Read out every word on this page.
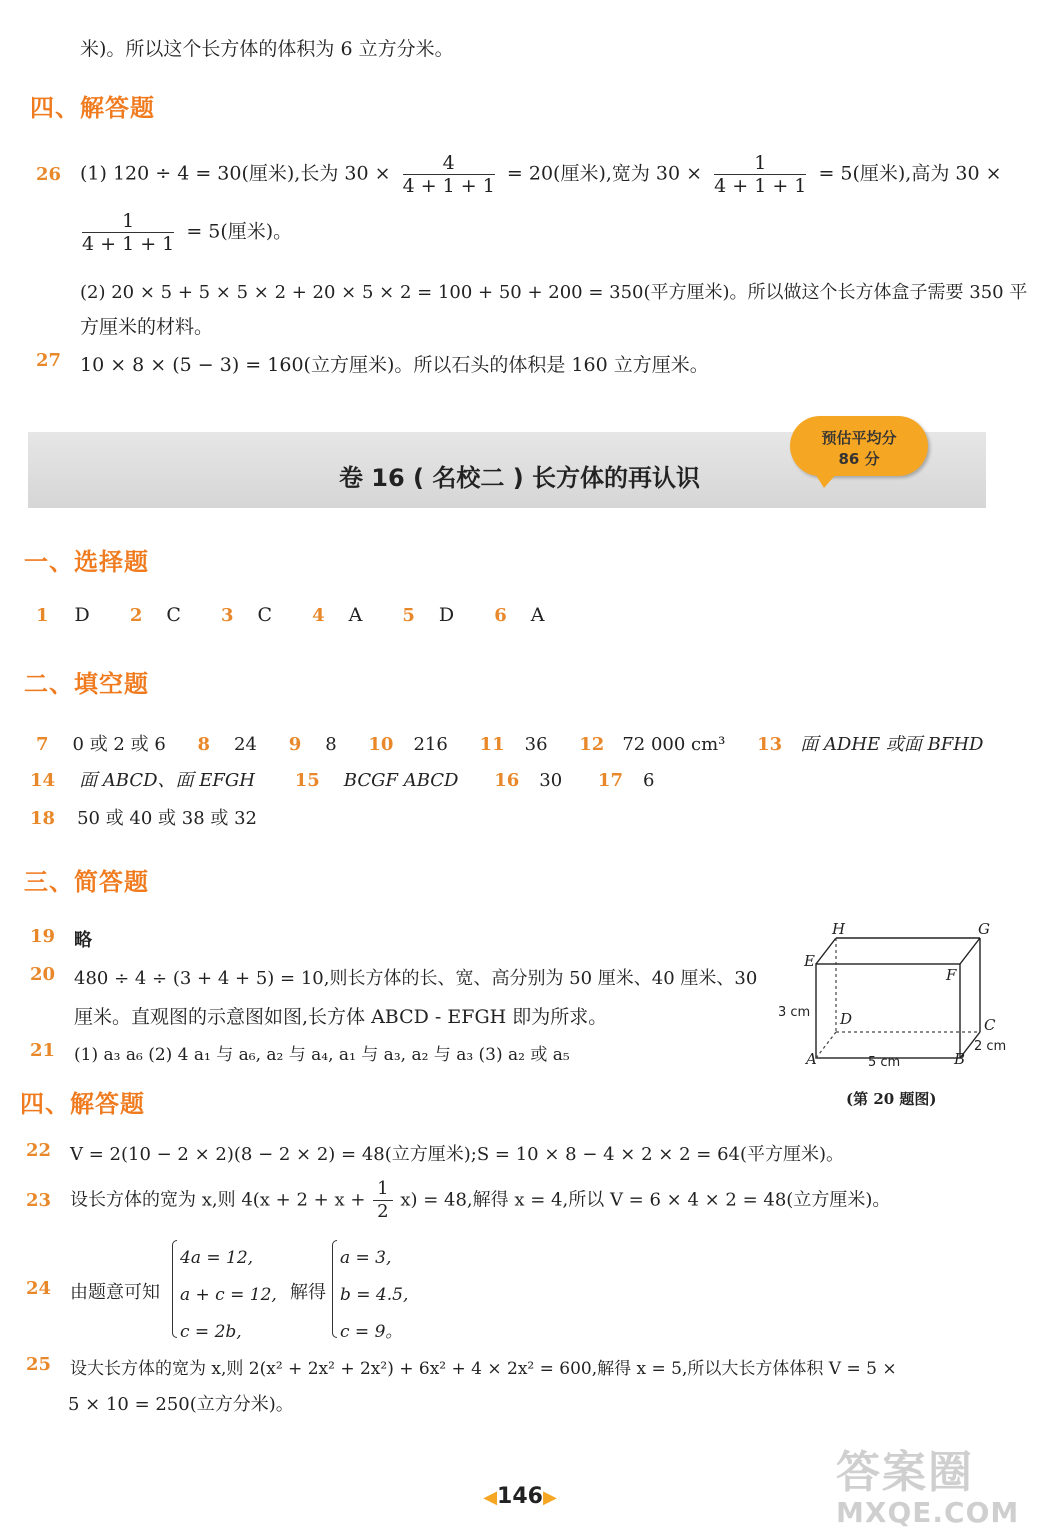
米)。所以这个长方体的体积为 6 立方分米。
四、解答题
26 (1) 120 ÷ 4 = 30(厘米),长为 $30 \times \frac{4}{4 + 1 + 1} = 20$(厘米),宽为 $30 \times \frac{1}{4 + 1 + 1} = 5$(厘米),高为 30 ×
$\frac{1}{4 + 1 + 1} = 5$(厘米)。
(2) 20 × 5 + 5 × 5 × 2 + 20 × 5 × 2 = 100 + 50 + 200 = 350(平方厘米)。所以做这个长方体盒子需要 350 平
方厘米的材料。
27 10 × 8 × (5 − 3) = 160(立方厘米)。所以石头的体积是 160 立方厘米。
卷 16 ( 名校二 ) 长方体的再认识
预估平均分
86 分
一、选择题
1 D 2 C 3 C 4 A 5 D 6 A
二、填空题
7 0 或 2 或 6 8 24 9 8 10 216 11 36 12 72 000 cm³ 13 面 ADHE 或面 BFHD
14 面 ABCD、面 EFGH 15 BCGF ABCD 16 30 17 6
18 50 或 40 或 38 或 32
三、简答题
19 略
20 480 ÷ 4 ÷ (3 + 4 + 5) = 10,则长方体的长、宽、高分别为 50 厘米、40 厘米、30
厘米。直观图的示意图如图,长方体 ABCD - EFGH 即为所求。
21 (1) a₃ a₆ (2) 4 a₁ 与 a₆, a₂ 与 a₄, a₁ 与 a₃, a₂ 与 a₃ (3) a₂ 或 a₅
H	G
E
F
D	C
A	B
3 cm
5 cm
2 cm
(第 20 题图)
四、解答题
22 V = 2(10 − 2 × 2)(8 − 2 × 2) = 48(立方厘米);S = 10 × 8 − 4 × 2 × 2 = 64(平方厘米)。
23 设长方体的宽为 x,则 $4(x + 2 + x + \frac{1}{2} x) = 48$,解得 x = 4,所以 V = 6 × 4 × 2 = 48(立方厘米)。
24 由题意可知
4a = 12,
a + c = 12,
c = 2b,
解得
a = 3,
b = 4.5,
c = 9。
25 设大长方体的宽为 x,则 2(x² + 2x² + 2x²) + 6x² + 4 × 2x² = 600,解得 x = 5,所以大长方体体积 V = 5 ×
5 × 10 = 250(立方分米)。
◀146▶	答案圈
MXQE.COM
